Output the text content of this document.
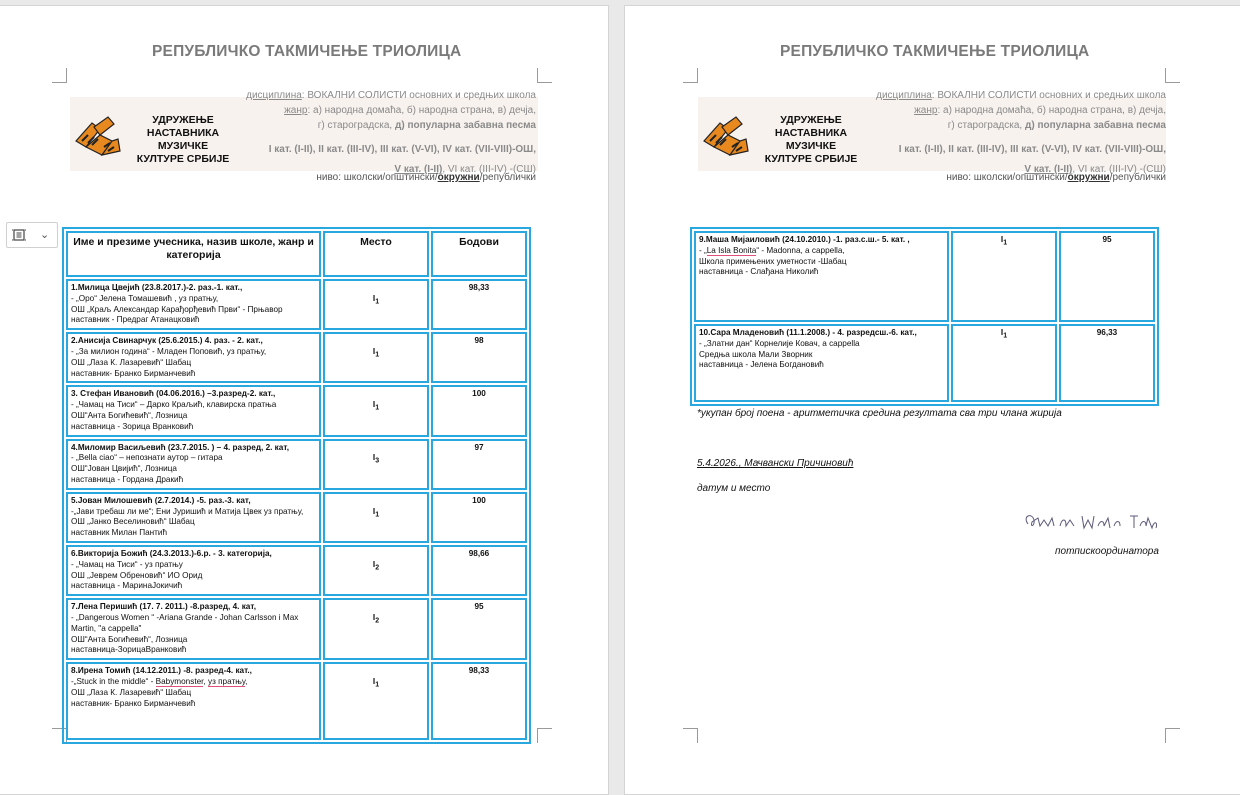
РЕПУБЛИЧКО ТАКМИЧЕЊЕ ТРИОЛИЦА
УДРУЖЕЊЕ
НАСТАВНИКА
МУЗИЧКЕ
КУЛТУРЕ СРБИЈЕ
дисциплина: ВОКАЛНИ СОЛИСТИ основних и средњих школа
жанр: а) народна домаћа, б) народна страна, в) дечја,
г) староградска, д) популарна забавна песма
I кат. (I-II), II кат. (III-IV), III кат. (V-VI), IV кат. (VII-VIII)-ОШ,
V кат. (I-II), VI кат. (III-IV) -(СШ)
ниво: школски/општински/окружни/републички
Име и презиме учесника, назив школе, жанр и категорија	Место	Бодови

1.Милица Цвејић (23.8.2017.)-2. раз.-1. кат.,
- „Оро“ Јелена Томашевић , уз пратњу,
ОШ „Краљ Александар Карађорђевић Први“ - Прњавор
наставник - Предраг Атанацковић	$I_1$	98,33

2.Анисија Свинарчук (25.6.2015.) 4. раз. - 2. кат.,
- „За милион година“ - Младен Поповић, уз пратњу,
ОШ „Лаза К. Лазаревић“ Шабац
наставник- Бранко Бирманчевић	$I_1$	98

3. Стефан Ивановић (04.06.2016.) –3.разред-2. кат.,
- „Чамац на Тиси“ – Дарко Краљић, клавирска пратња
ОШ“Анта Богићевић“, Лозница
наставница - Зорица Вранковић	$I_1$	100

4.Миломир Васиљевић (23.7.2015. ) – 4. разред, 2. кат,
- „Bella ciao“ – непознати аутор – гитара
ОШ“Јован Цвијић“, Лозница
наставница - Гордана Дракић	$I_3$	97

5.Јован Милошевић (2.7.2014.) -5. раз.-3. кат,
-„Јави требаш ли ме“; Ени Јуришић и Матија Цвек уз пратњу,
ОШ „Јанко Веселиновић“ Шабац
наставник Милан Пантић	$I_1$	100

6.Викторија Божић (24.3.2013.)-6.р. - 3. категорија,
- „Чамац на Тиси“ - уз пратњу
ОШ „Јеврем Обреновић“ ИО Орид
наставница - МаринаЈокичић	$I_2$	98,66

7.Лена Перишић (17. 7. 2011.) -8.разред, 4. кат,
- „Dangerous Women “ -Ariana Grande - Johan Carlsson i Max
Martin, "a cappella"
ОШ“Анта Богићевић“, Лозница
наставница-ЗорицаВранковић	$I_2$	95

8.Ирена Томић (14.12.2011.) -8. разред-4. кат.,
-„Stuck in the middle“ - Babymonster, уз пратњу,
ОШ „Лаза К. Лазаревић“ Шабац
наставник- Бранко Бирманчевић	$I_1$	98,33
⌄
РЕПУБЛИЧКО ТАКМИЧЕЊЕ ТРИОЛИЦА
УДРУЖЕЊЕ
НАСТАВНИКА
МУЗИЧКЕ
КУЛТУРЕ СРБИЈЕ
дисциплина: ВОКАЛНИ СОЛИСТИ основних и средњих школа
жанр: а) народна домаћа, б) народна страна, в) дечја,
г) староградска, д) популарна забавна песма
I кат. (I-II), II кат. (III-IV), III кат. (V-VI), IV кат. (VII-VIII)-ОШ,
V кат. (I-II), VI кат. (III-IV) -(СШ)
ниво: школски/општински/окружни/републички
9.Маша Мијаиловић (24.10.2010.) -1. раз.с.ш.- 5. кат. ,
- „La Isla Bonita“ - Madonna, a cappella,
Школа примењених уметности -Шабац
наставница - Слађана Николић	$I_1$	95

10.Сара Младеновић (11.1.2008.) - 4. разредсш.-6. кат.,
- „Златни дан“ Корнелије Ковач, a cappella
Средња школа Мали Зворник
наставница - Јелена Богдановић	$I_1$	96,33
*укупан број поена - аритметичка средина резултата сва три члана жирија
5.4.2026., Мачвански Причиновић
датум и место
потпискоординатора
